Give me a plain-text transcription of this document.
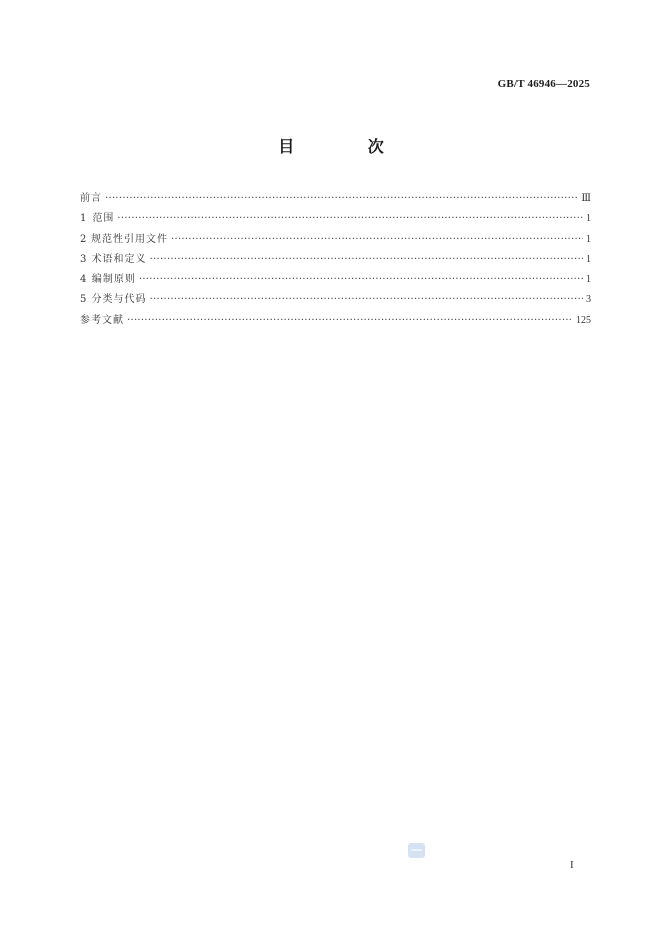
GB/T 46946—2025
目 次
前言 ·····	Ⅲ
1 范围 ·····	1
2 规范性引用文件 ·····	1
3 术语和定义 ·····	1
4 编制原则 ·····	1
5 分类与代码 ·····	3
参考文献 ·····	125
I
